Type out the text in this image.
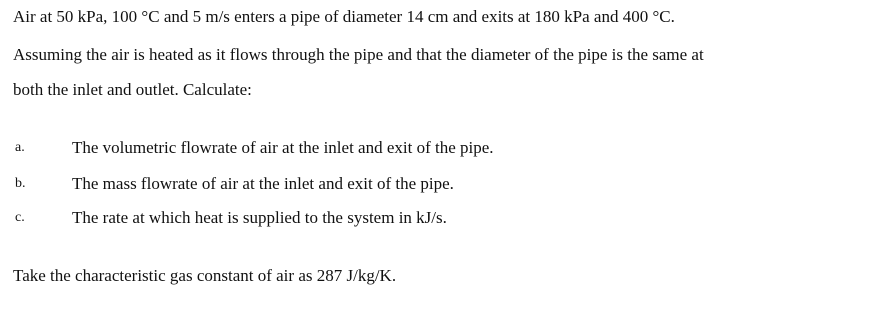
Air at 50 kPa, 100 °C and 5 m/s enters a pipe of diameter 14 cm and exits at 180 kPa and 400 °C.
Assuming the air is heated as it flows through the pipe and that the diameter of the pipe is the same at
both the inlet and outlet. Calculate:
a.	The volumetric flowrate of air at the inlet and exit of the pipe.
b.	The mass flowrate of air at the inlet and exit of the pipe.
c.	The rate at which heat is supplied to the system in kJ/s.
Take the characteristic gas constant of air as 287 J/kg/K.
